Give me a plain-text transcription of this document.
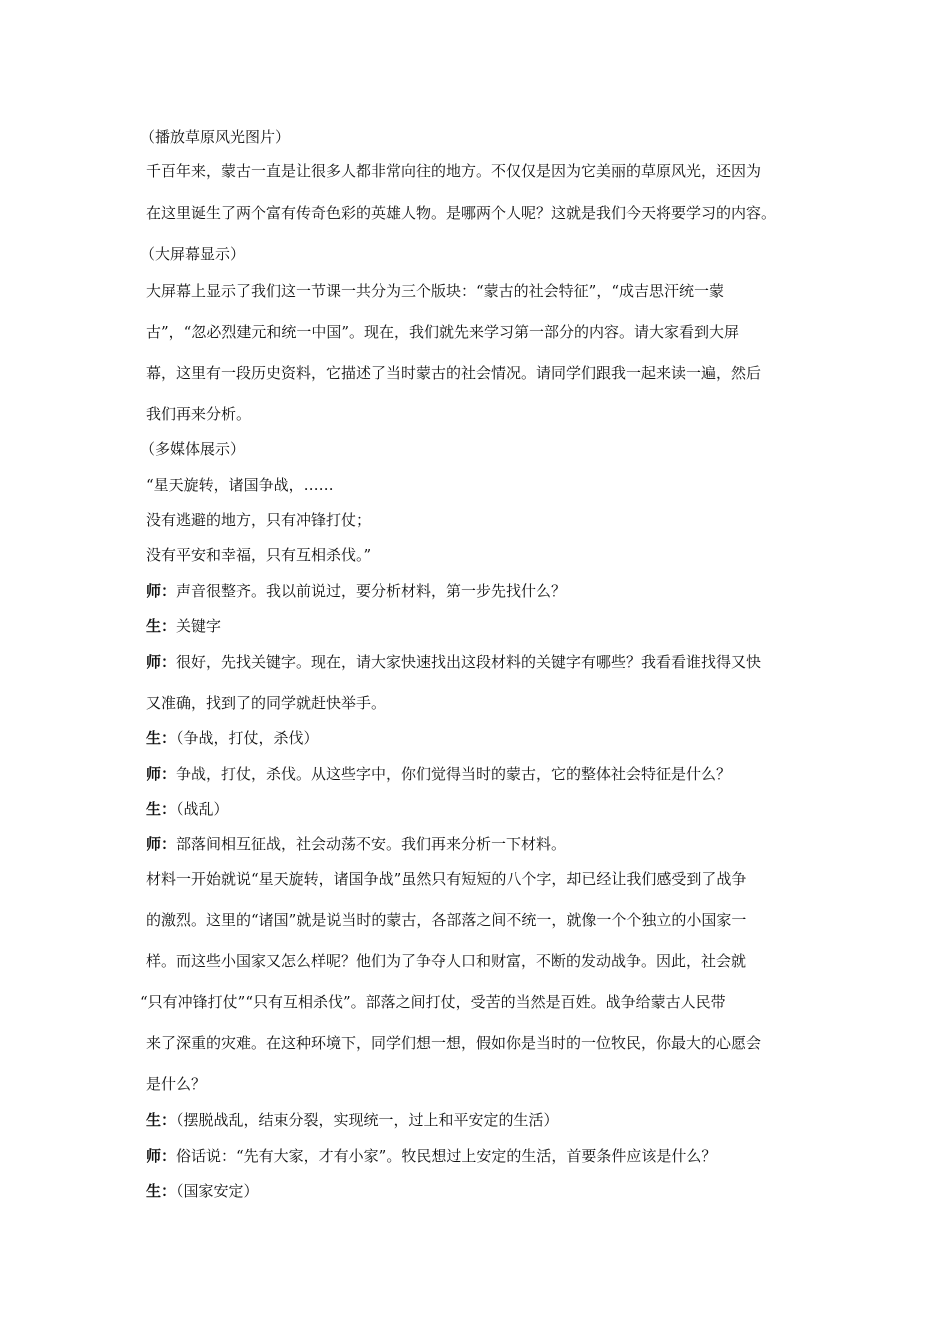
（播放草原风光图片）
千百年来，蒙古一直是让很多人都非常向往的地方。不仅仅是因为它美丽的草原风光，还因为
在这里诞生了两个富有传奇色彩的英雄人物。是哪两个人呢？这就是我们今天将要学习的内容。
（大屏幕显示）
大屏幕上显示了我们这一节课一共分为三个版块：“蒙古的社会特征”，“成吉思汗统一蒙
古”，“忽必烈建元和统一中国”。现在，我们就先来学习第一部分的内容。请大家看到大屏
幕，这里有一段历史资料，它描述了当时蒙古的社会情况。请同学们跟我一起来读一遍，然后
我们再来分析。
（多媒体展示）
“星天旋转，诸国争战，……
没有逃避的地方，只有冲锋打仗；
没有平安和幸福，只有互相杀伐。”
师：声音很整齐。我以前说过，要分析材料，第一步先找什么？
生：关键字
师：很好，先找关键字。现在，请大家快速找出这段材料的关键字有哪些？我看看谁找得又快
又准确，找到了的同学就赶快举手。
生：（争战，打仗，杀伐）
师：争战，打仗，杀伐。从这些字中，你们觉得当时的蒙古，它的整体社会特征是什么？
生：（战乱）
师：部落间相互征战，社会动荡不安。我们再来分析一下材料。
材料一开始就说“星天旋转，诸国争战”虽然只有短短的八个字，却已经让我们感受到了战争
的激烈。这里的“诸国”就是说当时的蒙古，各部落之间不统一，就像一个个独立的小国家一
样。而这些小国家又怎么样呢？他们为了争夺人口和财富，不断的发动战争。因此，社会就
“只有冲锋打仗”“只有互相杀伐”。部落之间打仗，受苦的当然是百姓。战争给蒙古人民带
来了深重的灾难。在这种环境下，同学们想一想，假如你是当时的一位牧民，你最大的心愿会
是什么？
生：（摆脱战乱，结束分裂，实现统一，过上和平安定的生活）
师：俗话说：“先有大家，才有小家”。牧民想过上安定的生活，首要条件应该是什么？
生：（国家安定）
